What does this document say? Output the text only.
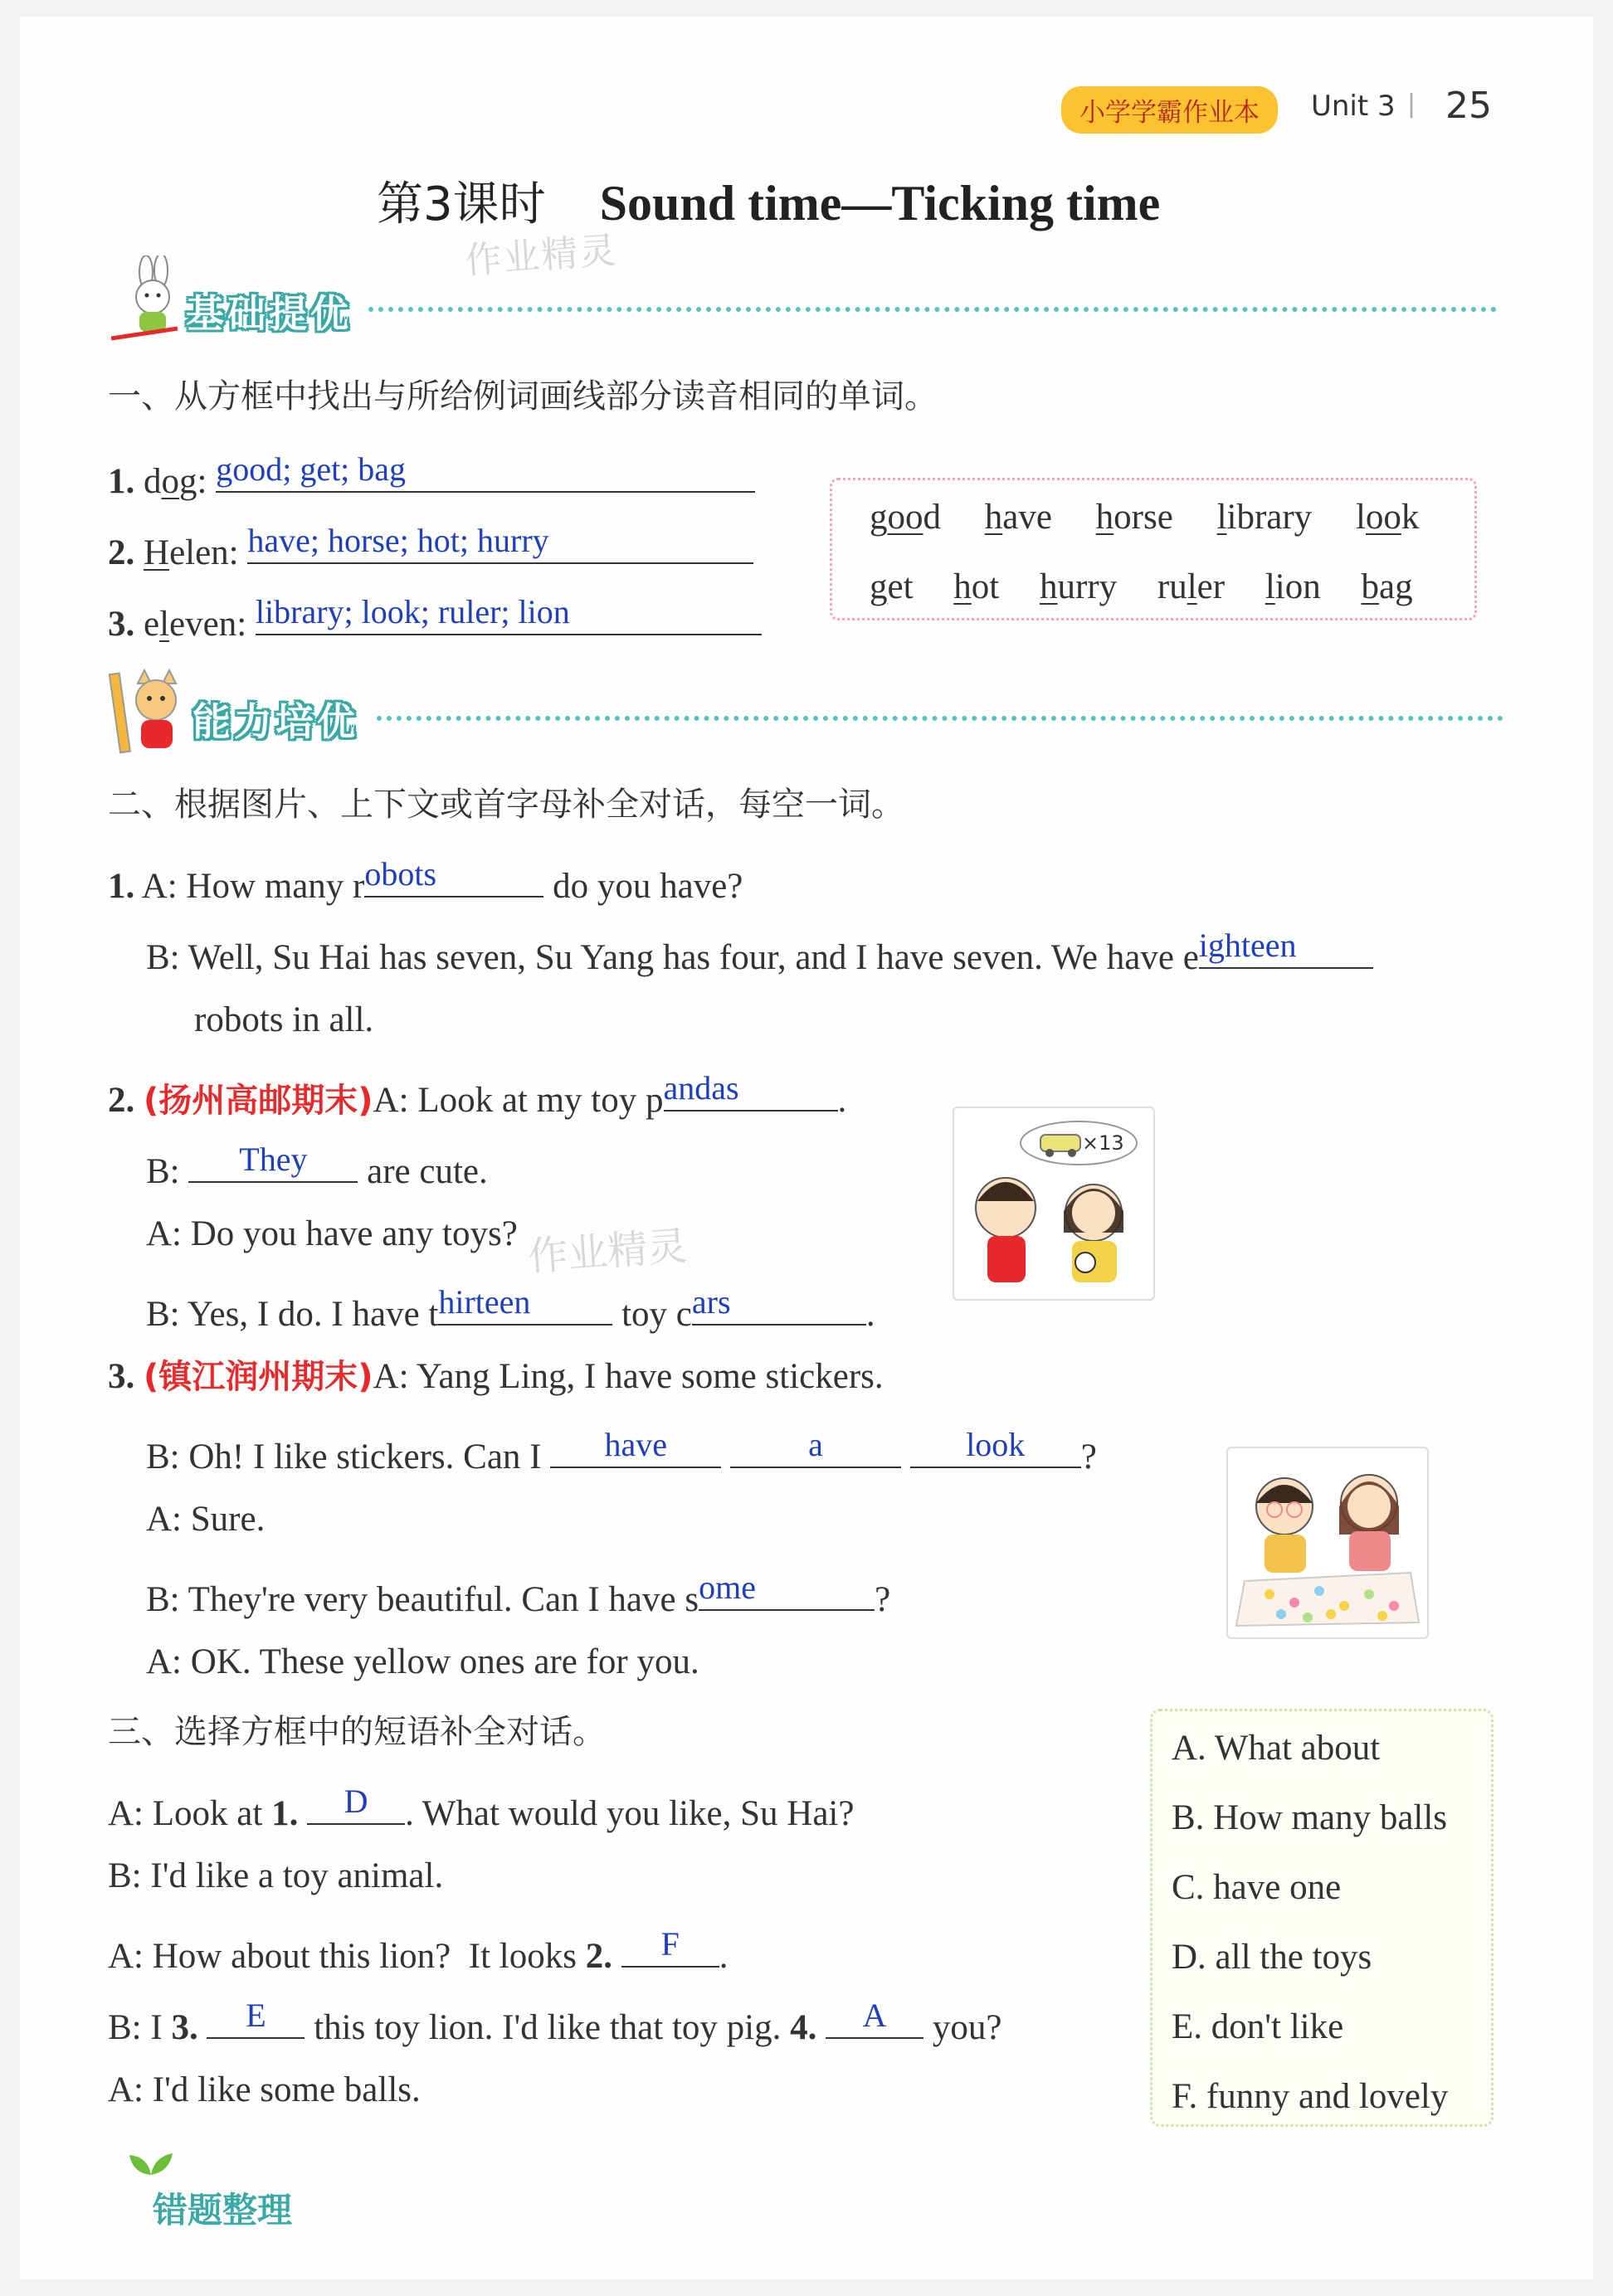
小学学霸作业本	Unit 3 | 25
第3课时 Sound time—Ticking time
作业精灵
基础提优
一、从方框中找出与所给例词画线部分读音相同的单词。
1. dog: good; get; bag
2. Helen: have; horse; hot; hurry
3. eleven: library; look; ruler; lion
good have horse library look
get hot hurry ruler lion bag
能力培优
二、根据图片、上下文或首字母补全对话，每空一词。
1. A: How many r obots	do you have?
B: Well, Su Hai has seven, Su Yang has four, and I have seven. We have e ighteen
robots in all.
2. (扬州高邮期末)A: Look at my toy p andas	.
B:	They	are cute.
A: Do you have any toys? 作业精灵
B: Yes, I do. I have t hirteen	toy c ars	.
×13
3. (镇江润州期末)A: Yang Ling, I have some stickers.
B: Oh! I like stickers. Can I	have
	a
	look	?
A: Sure.
B: They're very beautiful. Can I have s ome	?
A: OK. These yellow ones are for you.
三、选择方框中的短语补全对话。
A: Look at 1.	D	. What would you like, Su Hai?
B: I'd like a toy animal.
A: How about this lion?  It looks 2.	F	.
B: I 3.	E	this toy lion. I'd like that toy pig. 4.	A	you?
A: I'd like some balls.
A. What about
B. How many balls
C. have one
D. all the toys
E. don't like
F. funny and lovely
错题整理
